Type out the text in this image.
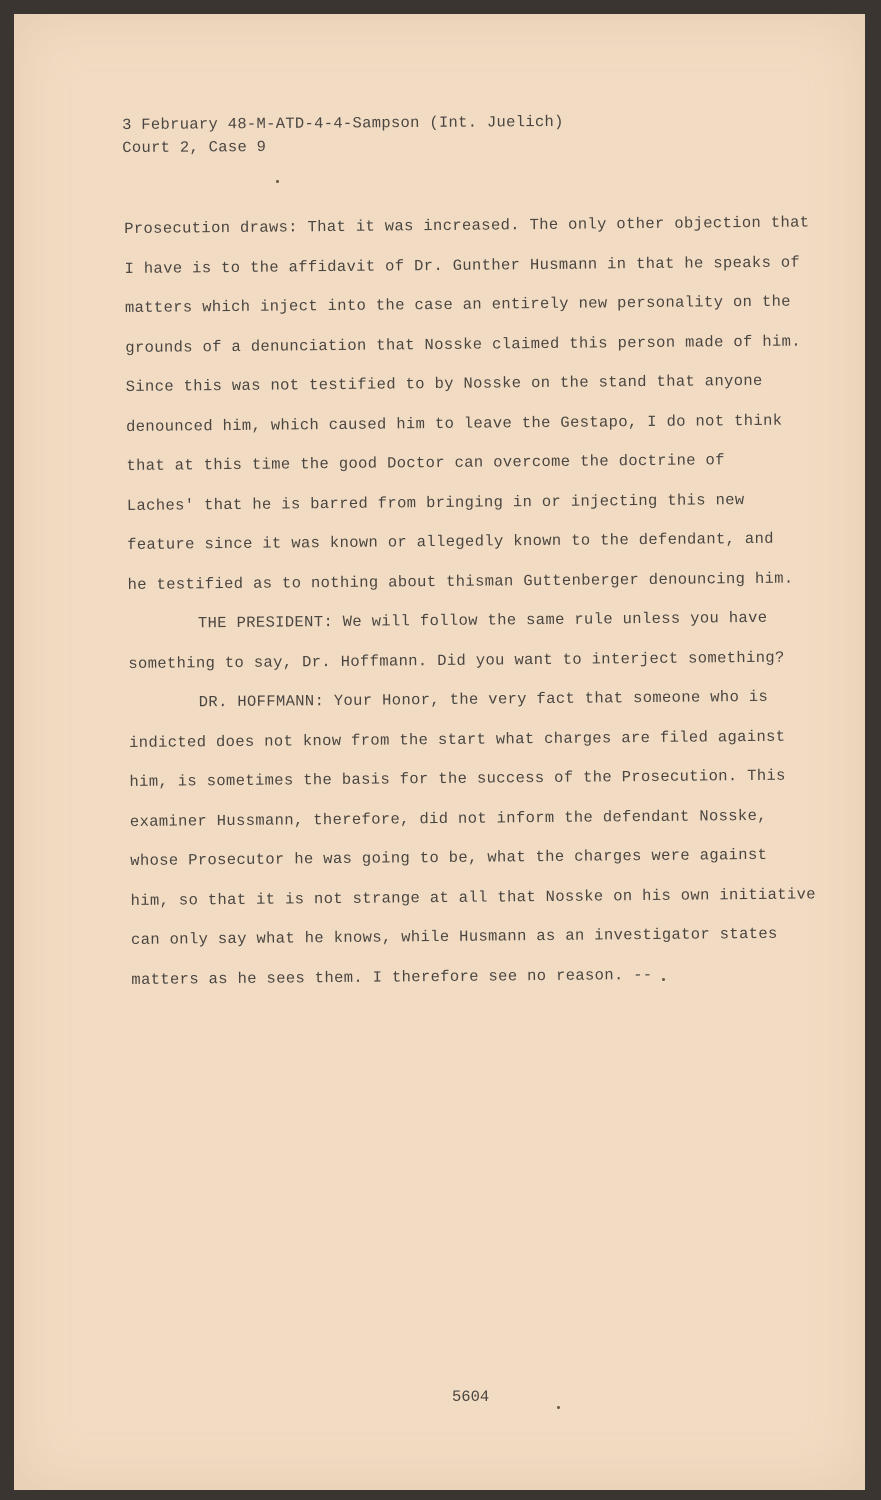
3 February 48-M-ATD-4-4-Sampson (Int. Juelich)
Court 2, Case 9
Prosecution draws: That it was increased. The only other objection that
I have is to the affidavit of Dr. Gunther Husmann in that he speaks of
matters which inject into the case an entirely new personality on the
grounds of a denunciation that Nosske claimed this person made of him.
Since this was not testified to by Nosske on the stand that anyone
denounced him, which caused him to leave the Gestapo, I do not think
that at this time the good Doctor can overcome the doctrine of
Laches' that he is barred from bringing in or injecting this new
feature since it was known or allegedly known to the defendant, and
he testified as to nothing about thisman Guttenberger denouncing him.
THE PRESIDENT: We will follow the same rule unless you have
something to say, Dr. Hoffmann. Did you want to interject something?
DR. HOFFMANN: Your Honor, the very fact that someone who is
indicted does not know from the start what charges are filed against
him, is sometimes the basis for the success of the Prosecution. This
examiner Hussmann, therefore, did not inform the defendant Nosske,
whose Prosecutor he was going to be, what the charges were against
him, so that it is not strange at all that Nosske on his own initiative
can only say what he knows, while Husmann as an investigator states
matters as he sees them. I therefore see no reason. --
5604
